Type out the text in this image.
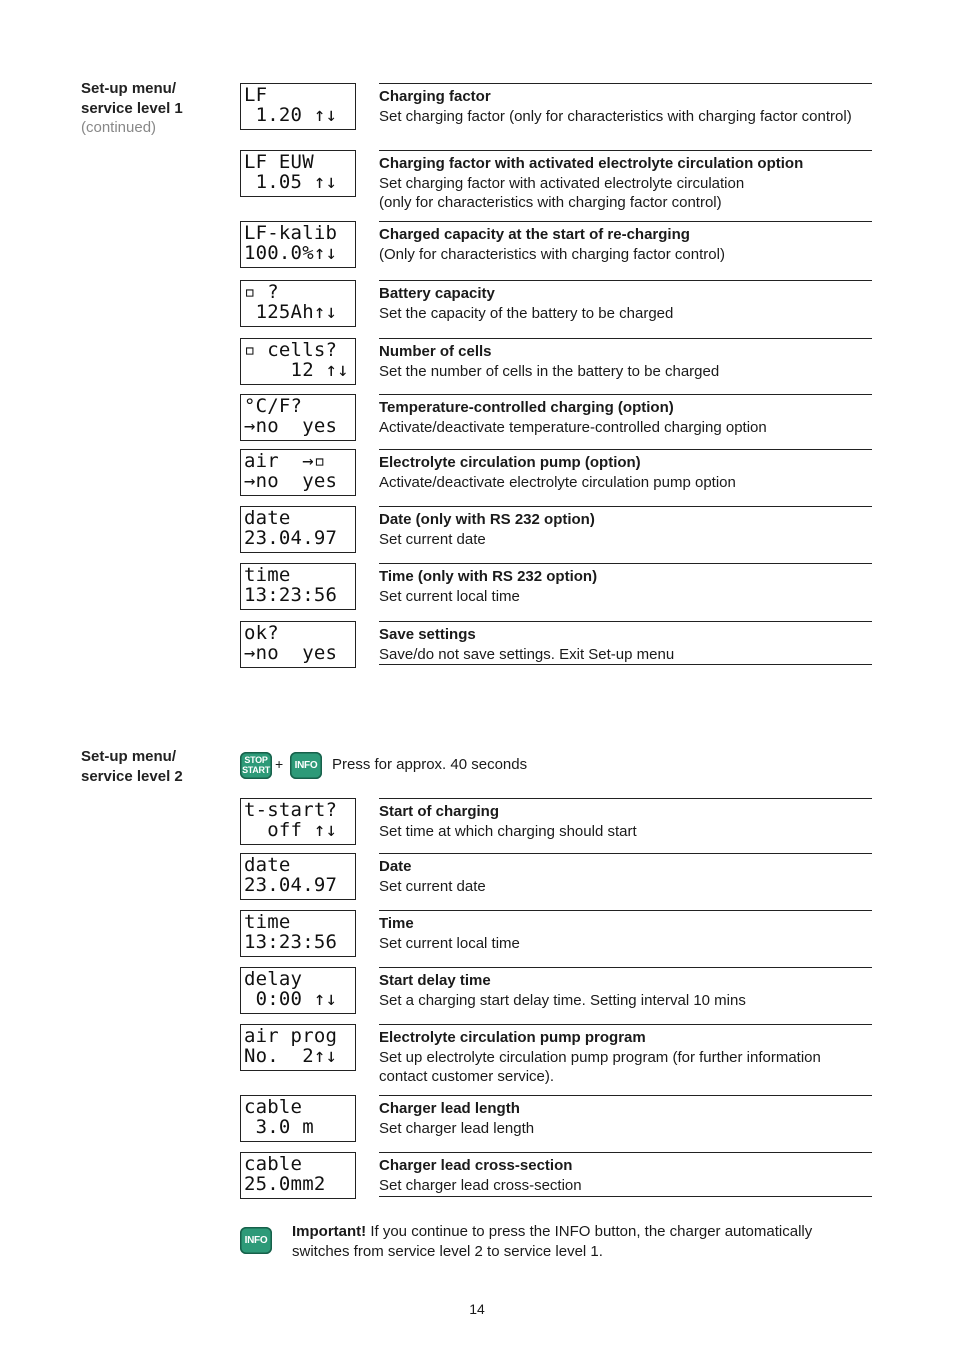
Set-up menu/
service level 1
(continued)
LF
1.20 ↑↓
Charging factor
Set charging factor (only for characteristics with charging factor control)
LF EUW
1.05 ↑↓
Charging factor with activated electrolyte circulation option
Set charging factor with activated electrolyte circulation
(only for characteristics with charging factor control)
LF-kalib
100.0%↑↓
Charged capacity at the start of re-charging
(Only for characteristics with charging factor control)
▫ ?
125Ah↑↓
Battery capacity
Set the capacity of the battery to be charged
▫ cells?
12 ↑↓
Number of cells
Set the number of cells in the battery to be charged
°C/F?
→no  yes
Temperature-controlled charging (option)
Activate/deactivate temperature-controlled charging option
air  →▫
→no  yes
Electrolyte circulation pump (option)
Activate/deactivate electrolyte circulation pump option
date
23.04.97
Date (only with RS 232 option)
Set current date
time
13:23:56
Time (only with RS 232 option)
Set current local time
ok?
→no  yes
Save settings
Save/do not save settings. Exit Set-up menu
Set-up menu/
service level 2
STOP
START + INFO Press for approx. 40 seconds
t-start?
off ↑↓
Start of charging
Set time at which charging should start
date
23.04.97
Date
Set current date
time
13:23:56
Time
Set current local time
delay
0:00 ↑↓
Start delay time
Set a charging start delay time. Setting interval 10 mins
air prog
No.  2↑↓
Electrolyte circulation pump program
Set up electrolyte circulation pump program (for further information contact customer service).
cable
3.0 m
Charger lead length
Set charger lead length
cable
25.0mm2
Charger lead cross-section
Set charger lead cross-section
INFO
Important! If you continue to press the INFO button, the charger automatically switches from service level 2 to service level 1.
14
